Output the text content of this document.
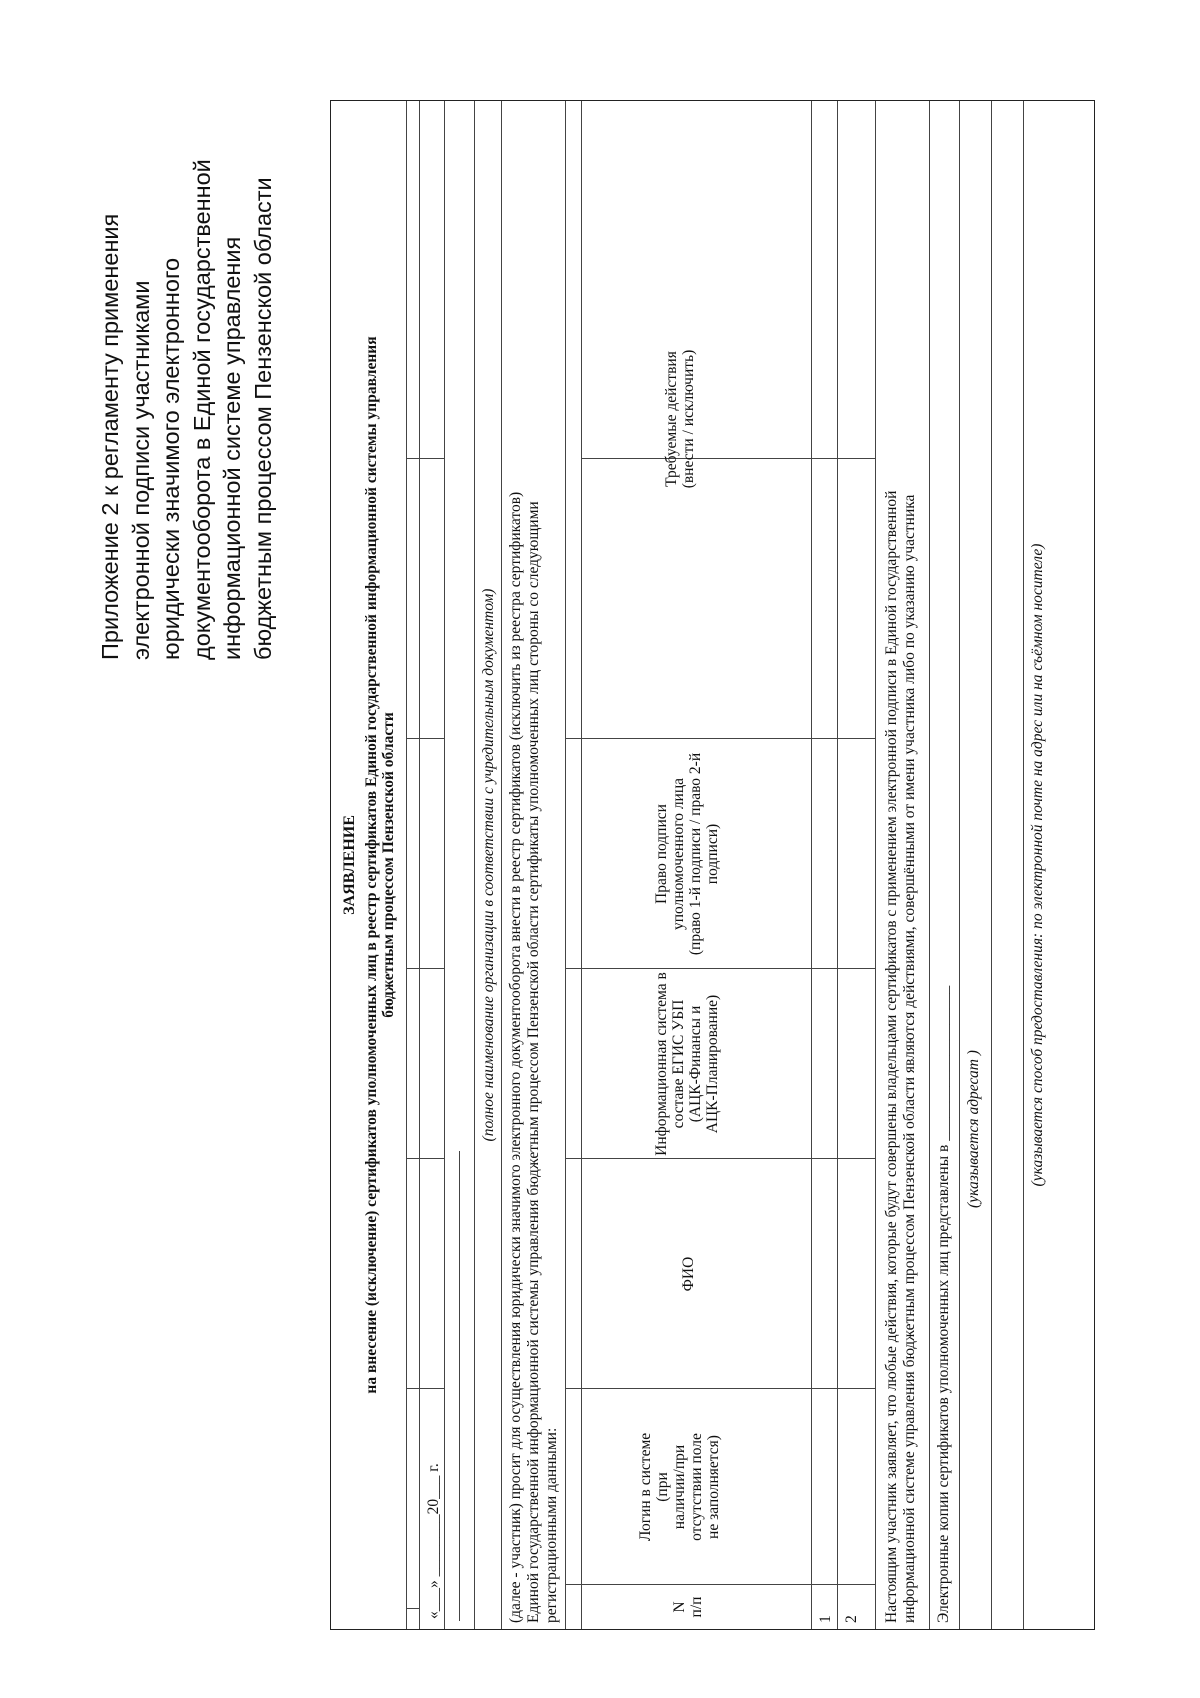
Приложение 2 к регламенту применения электронной подписи участниками юридически значимого электронного документооборота в Единой государственной информационной системе управления бюджетным процессом Пензенской области
ЗАЯВЛЕНИЕ на внесение (исключение) сертификатов уполномоченных лиц в реестр сертификатов Единой государственной информационной системы управления бюджетным процессом Пензенской области
«___» ________20___ г.
(полное наименование организации в соответствии с учредительным документом) (далее - участник) просит для осуществления юридически значимого электронного документооборота внести в реестр сертификатов (исключить из реестра сертификатов) Единой государственной информационной системы управления бюджетным процессом Пензенской области сертификаты уполномоченных лиц стороны со следующими регистрационными данными:	N п/п
Логин в системе (при наличии/при отсутствии поле не заполняется)
ФИО
Информационная система в составе ЕГИС УБП (АЦК-Финансы и АЦК-Планирование)
Право подписи уполномоченного лица (право 1-й подписи / право 2-й подписи)
Требуемые действия (внести / исключить)
1 2 Настоящим участник заявляет, что любые действия, которые будут совершены владельцами сертификатов с применением электронной подписи в Единой государственной информационной системе управления бюджетным процессом Пензенской области являются действиями, совершёнными от имени участника либо по указанию участника Электронные копии сертификатов уполномоченных лиц представлены в ____________________ (указывается адресат )	(указывается способ предоставления: по электронной почте на адрес или на съёмном носителе)
